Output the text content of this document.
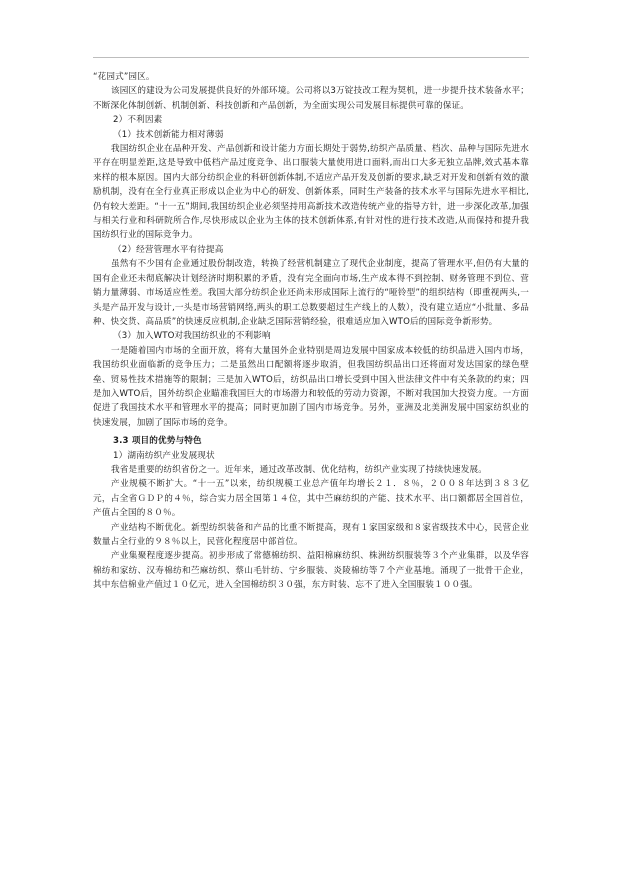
“花园式”园区。

该园区的建设为公司发展提供良好的外部环境。公司将以3万锭技改工程为契机，进一步提升技术装备水平；不断深化体制创新、机制创新、科技创新和产品创新，为全面实现公司发展目标提供可靠的保证。

2）不利因素

（1）技术创新能力相对薄弱

我国纺织企业在品种开发、产品创新和设计能力方面长期处于弱势,纺织产品质量、档次、品种与国际先进水平存在明显差距,这是导致中低档产品过度竞争、出口服装大量使用进口面料,而出口大多无独立品牌,效式基本靠来样的根本原因。国内大部分纺织企业的科研创新体制,不适应产品开发及创新的要求,缺乏对开发和创新有效的激励机制，没有在全行业真正形成以企业为中心的研发、创新体系，同时生产装备的技术水平与国际先进水平相比,仍有较大差距。“十一五”期间,我国纺织企业必须坚持用高新技术改造传统产业的指导方针，进一步深化改革,加强与相关行业和科研院所合作,尽快形成以企业为主体的技术创新体系,有针对性的进行技术改造,从而保持和提升我国纺织行业的国际竞争力。

（2）经营管理水平有待提高

虽然有不少国有企业通过股份制改造，转换了经营机制建立了现代企业制度，提高了管理水平,但仍有大量的国有企业还未彻底解决计划经济时期积累的矛盾，没有完全面向市场,生产成本得不到控制、财务管理不到位、营销力量薄弱、市场适应性差。我国大部分纺织企业还尚未形成国际上流行的“哑铃型”的组织结构（即重视两头,一头是产品开发与设计,一头是市场营销网络,两头的职工总数要超过生产线上的人数），没有建立适应“小批量、多品种、快交货、高品质”的快速反应机制,企业缺乏国际营销经验，很难适应加入WTO后的国际竞争新形势。

（3）加入WTO对我国纺织业的不利影响

一是随着国内市场的全面开放，将有大量国外企业特别是周边发展中国家成本较低的纺织品进入国内市场，我国纺织业面临新的竞争压力；二是虽然出口配额将逐步取消，但我国纺织品出口还将面对发达国家的绿色壁垒、贸易性技术措施等的限制；三是加入WTO后，纺织品出口增长受到中国入世法律文件中有关条款的约束；四是加入WTO后，国外纺织企业瞄准我国巨大的市场潜力和较低的劳动力资源，不断对我国加大投资力度。一方面促进了我国技术水平和管理水平的提高；同时更加剧了国内市场竞争。另外，亚洲及北美洲发展中国家纺织业的快速发展，加剧了国际市场的竞争。

3.3 项目的优势与特色

1）湖南纺织产业发展现状

我省是重要的纺织省份之一。近年来，通过改革改制、优化结构，纺织产业实现了持续快速发展。

产业规模不断扩大。“十一五”以来，纺织规模工业总产值年均增长２１．８％，２００８年达到３８３亿元，占全省ＧＤＰ的４％，综合实力居全国第１４位，其中苎麻纺织的产能、技术水平、出口额都居全国首位，产值占全国的８０％。

产业结构不断优化。新型纺织装备和产品的比重不断提高，现有１家国家级和８家省级技术中心，民营企业数量占全行业的９８％以上，民营化程度居中部首位。

产业集聚程度逐步提高。初步形成了常德棉纺织、益阳棉麻纺织、株洲纺织服装等３个产业集群，以及华容棉纺和家纺、汉寿棉纺和苎麻纺织、蔡山毛针纺、宁乡服装、炎陵棉纺等７个产业基地。涌现了一批骨干企业，其中东信棉业产值过１０亿元，进入全国棉纺织３０强，东方时装、忘不了进入全国服装１００强。
